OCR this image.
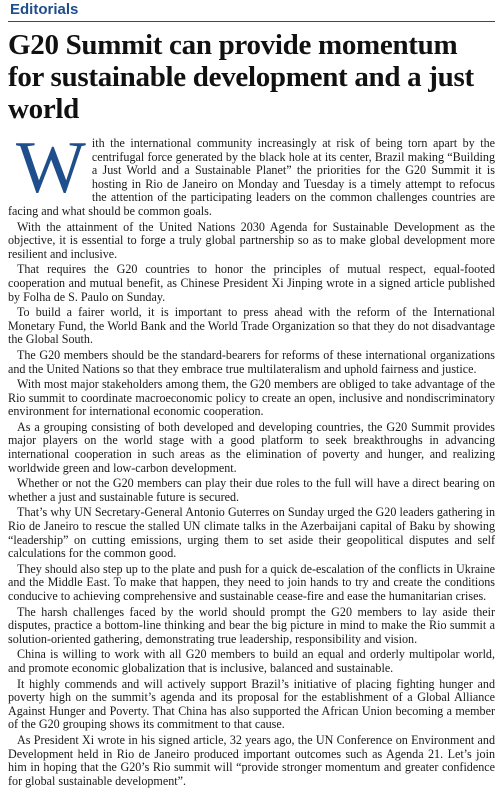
Editorials
G20 Summit can provide momentum for sustainable development and a just world

With the international community increasingly at risk of being torn apart by the centrifugal force generated by the black hole at its center, Brazil making “Building a Just World and a Sustainable Planet” the priorities for the G20 Summit it is hosting in Rio de Janeiro on Monday and Tuesday is a timely attempt to refocus the attention of the participating leaders on the common challenges countries are facing and what should be common goals.

With the attainment of the United Nations 2030 Agenda for Sustainable Development as the objective, it is essential to forge a truly global partnership so as to make global development more resilient and inclusive.

That requires the G20 countries to honor the principles of mutual respect, equal-footed cooperation and mutual benefit, as Chinese President Xi Jinping wrote in a signed article published by Folha de S. Paulo on Sunday.

To build a fairer world, it is important to press ahead with the reform of the International Monetary Fund, the World Bank and the World Trade Organization so that they do not disadvantage the Global South.

The G20 members should be the standard-bearers for reforms of these international organizations and the United Nations so that they embrace true multilateralism and uphold fairness and justice.

With most major stakeholders among them, the G20 members are obliged to take advantage of the Rio summit to coordinate macroeconomic policy to create an open, inclusive and nondiscriminatory environment for international economic cooperation.

As a grouping consisting of both developed and developing countries, the G20 Summit provides major players on the world stage with a good platform to seek breakthroughs in advancing international cooperation in such areas as the elimination of poverty and hunger, and realizing worldwide green and low-carbon development.

Whether or not the G20 members can play their due roles to the full will have a direct bearing on whether a just and sustainable future is secured.

That’s why UN Secretary-General Antonio Guterres on Sunday urged the G20 leaders gathering in Rio de Janeiro to rescue the stalled UN climate talks in the Azerbaijani capital of Baku by showing “leadership” on cutting emissions, urging them to set aside their geopolitical disputes and self calculations for the common good.

They should also step up to the plate and push for a quick de-escalation of the conflicts in Ukraine and the Middle East. To make that happen, they need to join hands to try and create the conditions conducive to achieving comprehensive and sustainable cease-fire and ease the humanitarian crises.

The harsh challenges faced by the world should prompt the G20 members to lay aside their disputes, practice a bottom-line thinking and bear the big picture in mind to make the Rio summit a solution-oriented gathering, demonstrating true leadership, responsibility and vision.

China is willing to work with all G20 members to build an equal and orderly multipolar world, and promote economic globalization that is inclusive, balanced and sustainable.

It highly commends and will actively support Brazil’s initiative of placing fighting hunger and poverty high on the summit’s agenda and its proposal for the establishment of a Global Alliance Against Hunger and Poverty. That China has also supported the African Union becoming a member of the G20 grouping shows its commitment to that cause.

As President Xi wrote in his signed article, 32 years ago, the UN Conference on Environment and Development held in Rio de Janeiro produced important outcomes such as Agenda 21. Let’s join him in hoping that the G20’s Rio summit will “provide stronger momentum and greater confidence for global sustainable development”.
